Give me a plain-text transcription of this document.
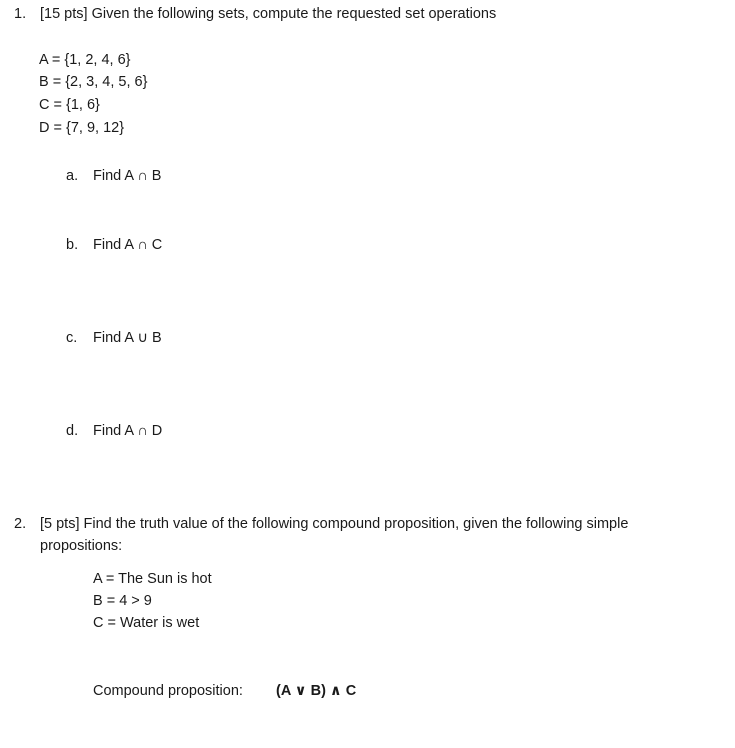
1. [15 pts] Given the following sets, compute the requested set operations
A = {1, 2, 4, 6}
B = {2, 3, 4, 5, 6}
C = {1, 6}
D = {7, 9, 12}
a. Find A ∩ B
b. Find A ∩ C
c. Find A ∪ B
d. Find A ∩ D
2. [5 pts] Find the truth value of the following compound proposition, given the following simple
propositions:
A = The Sun is hot
B = 4 > 9
C = Water is wet
Compound proposition: (A ∨ B) ∧ C
